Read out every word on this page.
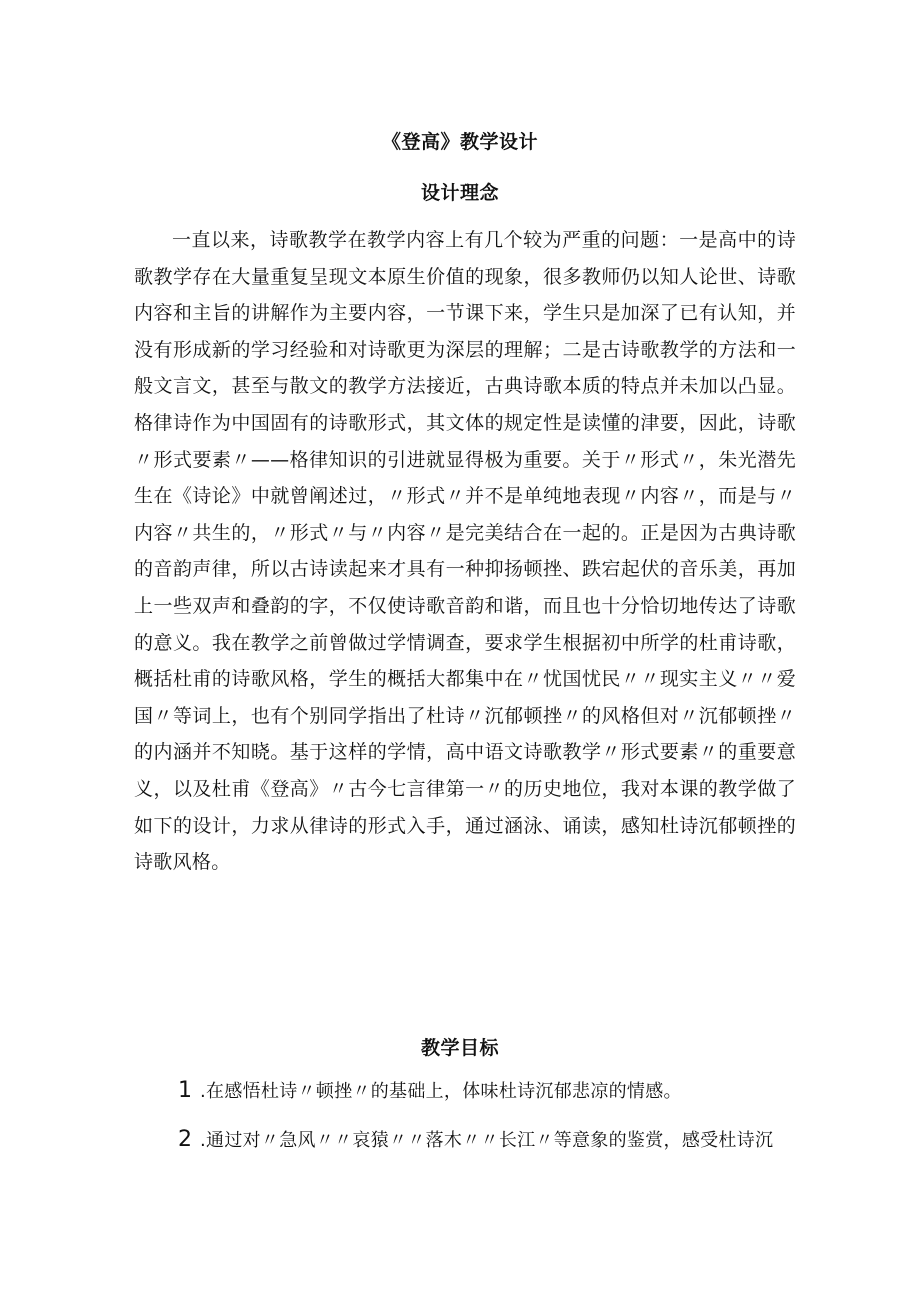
《登高》教学设计
设计理念

一直以来，诗歌教学在教学内容上有几个较为严重的问题：一是高中的诗歌教学存在大量重复呈现文本原生价值的现象，很多教师仍以知人论世、诗歌内容和主旨的讲解作为主要内容，一节课下来，学生只是加深了已有认知，并没有形成新的学习经验和对诗歌更为深层的理解；二是古诗歌教学的方法和一般文言文，甚至与散文的教学方法接近，古典诗歌本质的特点并未加以凸显。格律诗作为中国固有的诗歌形式，其文体的规定性是读懂的津要，因此，诗歌〃形式要素〃——格律知识的引进就显得极为重要。关于〃形式〃，朱光潜先生在《诗论》中就曾阐述过，〃形式〃并不是单纯地表现〃内容〃，而是与〃内容〃共生的，〃形式〃与〃内容〃是完美结合在一起的。正是因为古典诗歌的音韵声律，所以古诗读起来才具有一种抑扬顿挫、跌宕起伏的音乐美，再加上一些双声和叠韵的字，不仅使诗歌音韵和谐，而且也十分恰切地传达了诗歌的意义。我在教学之前曾做过学情调查，要求学生根据初中所学的杜甫诗歌，概括杜甫的诗歌风格，学生的概括大都集中在〃忧国忧民〃〃现实主义〃〃爱国〃等词上，也有个别同学指出了杜诗〃沉郁顿挫〃的风格但对〃沉郁顿挫〃的内涵并不知晓。基于这样的学情，高中语文诗歌教学〃形式要素〃的重要意义，以及杜甫《登高》〃古今七言律第一〃的历史地位，我对本课的教学做了如下的设计，力求从律诗的形式入手，通过涵泳、诵读，感知杜诗沉郁顿挫的诗歌风格。

教学目标
1 .在感悟杜诗〃顿挫〃的基础上，体味杜诗沉郁悲凉的情感。
2 .通过对〃急风〃〃哀猿〃〃落木〃〃长江〃等意象的鉴赏，感受杜诗沉
